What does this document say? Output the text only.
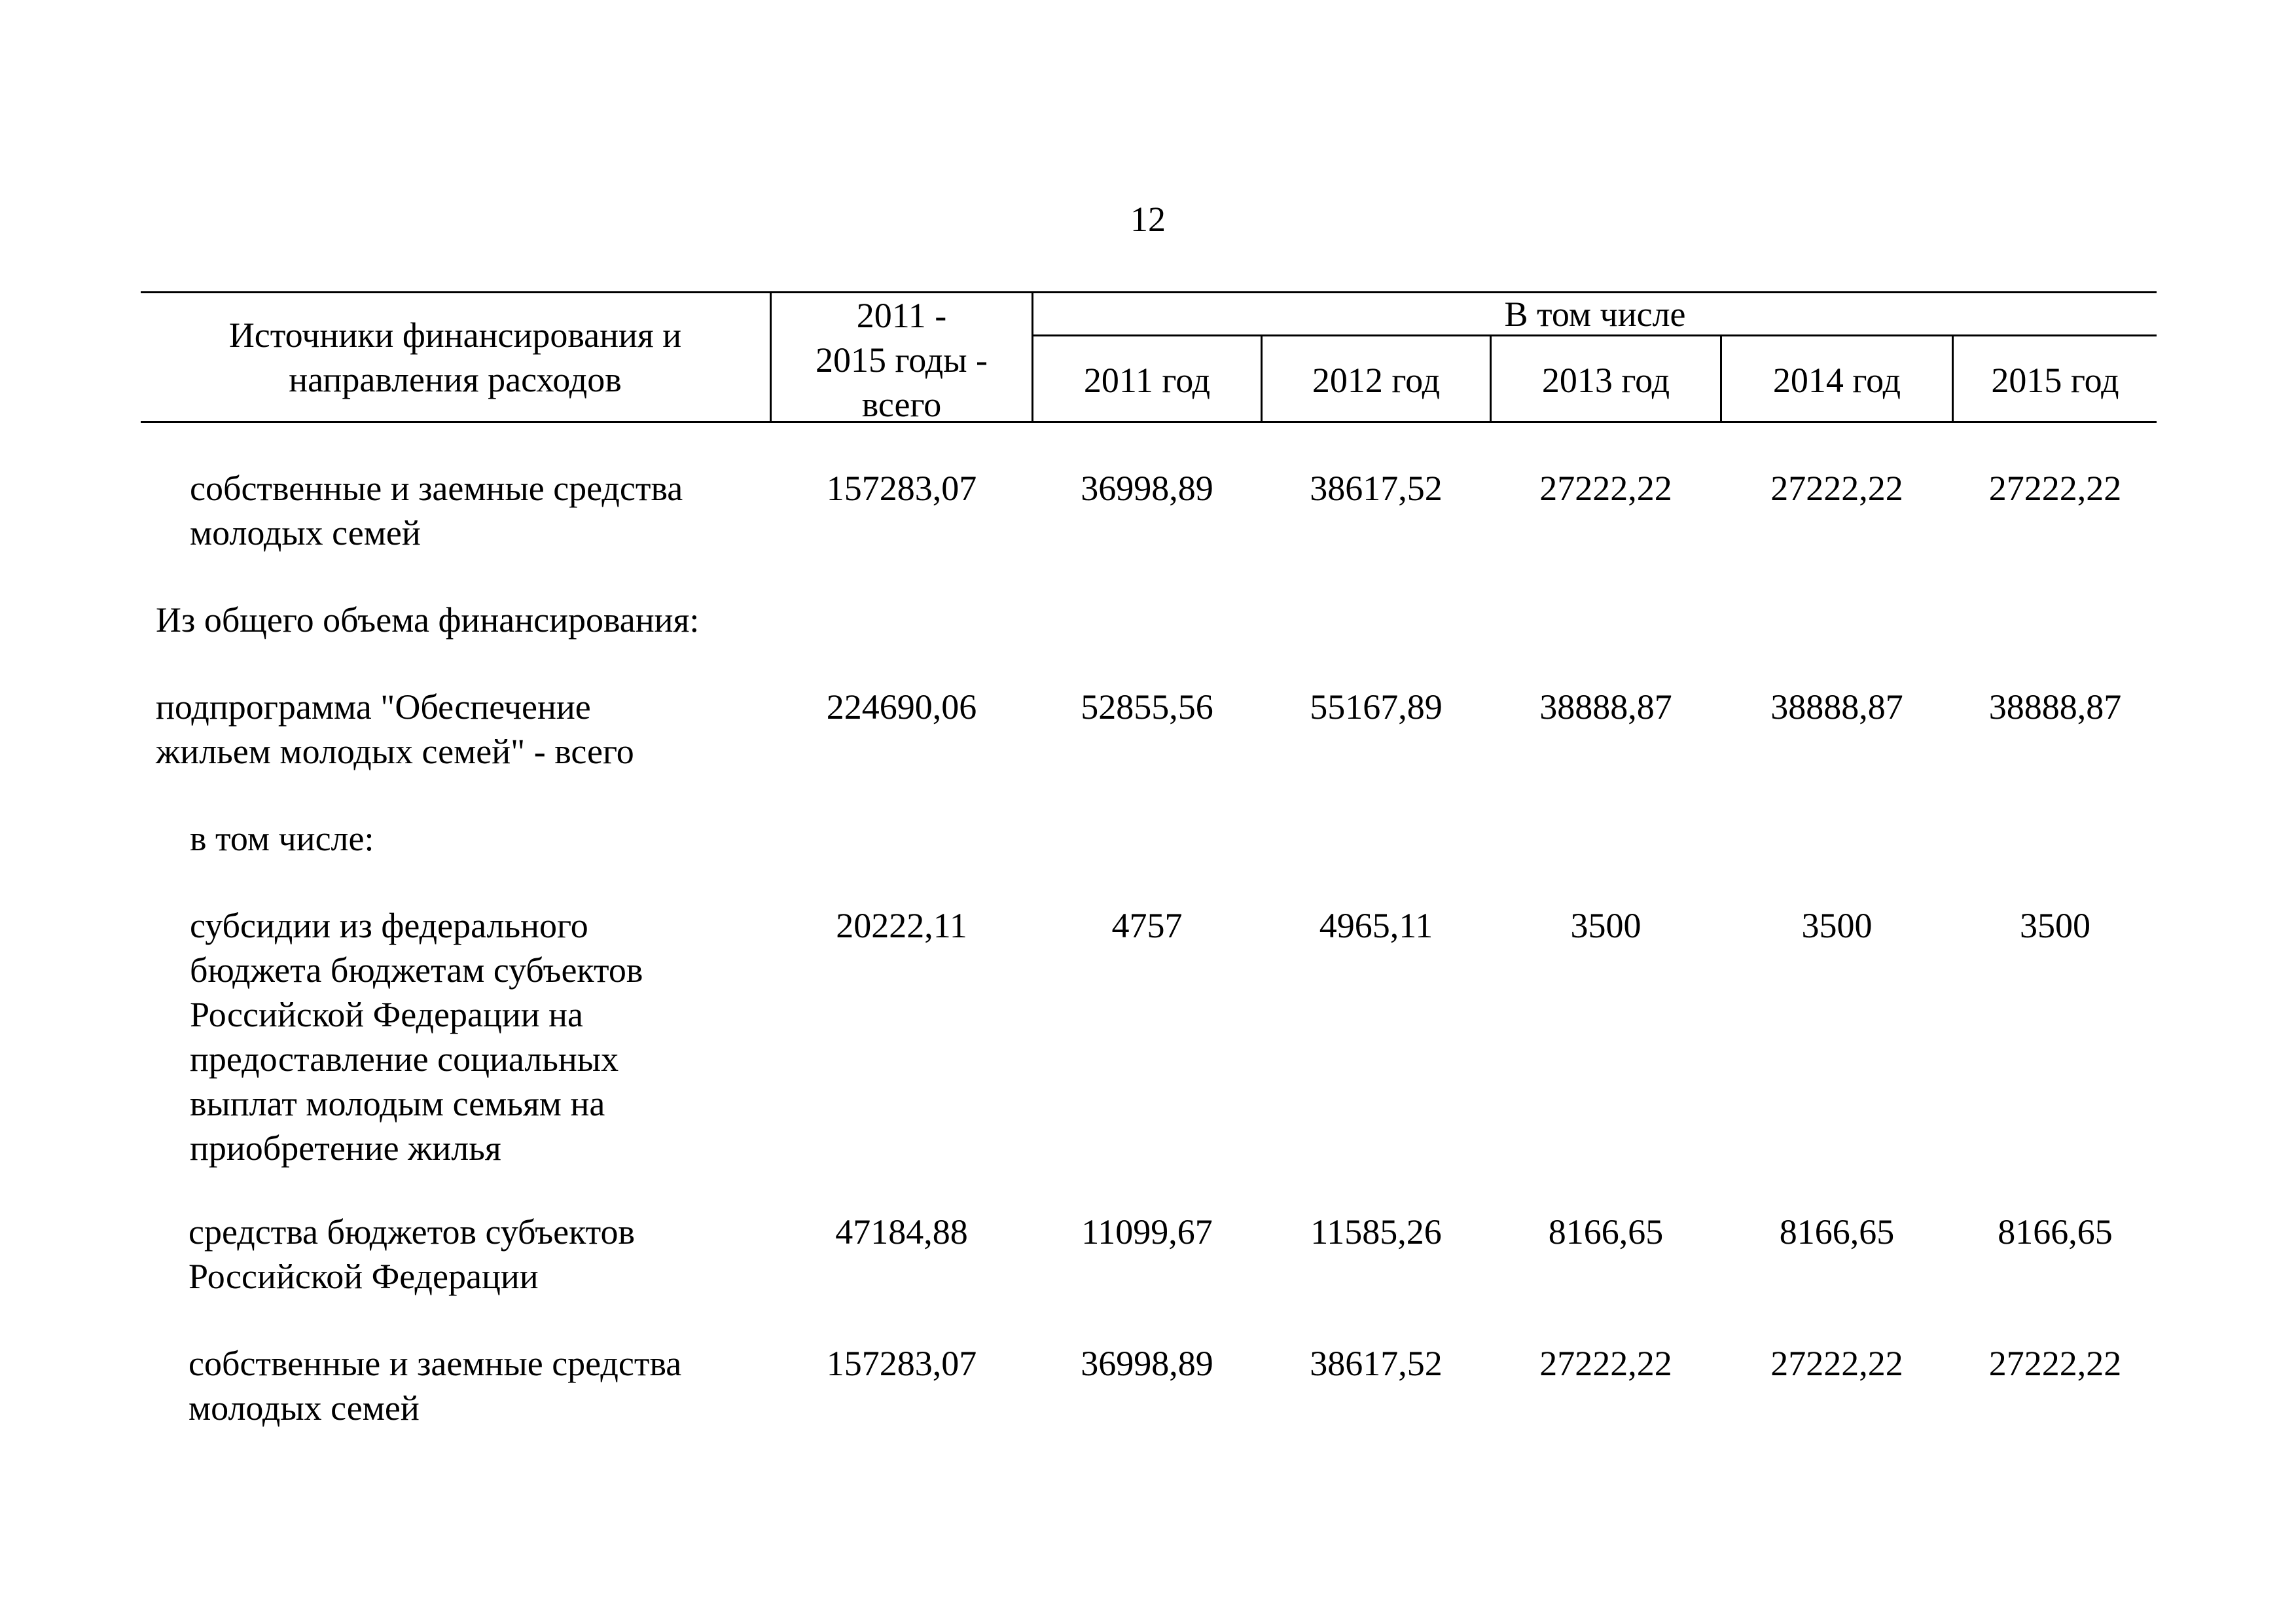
12
Источники финансирования и
направления расходов
2011 -
2015 годы -
всего
В том числе
2011 год	2012 год	2013 год	2014 год	2015 год
собственные и заемные средства
молодых семей
157283,07	36998,89	38617,52	27222,22	27222,22	27222,22
Из общего объема финансирования:
подпрограмма "Обеспечение
жильем молодых семей" - всего
224690,06	52855,56	55167,89	38888,87	38888,87	38888,87
в том числе:
субсидии из федерального
бюджета бюджетам субъектов
Российской Федерации на
предоставление социальных
выплат молодым семьям на
приобретение жилья
20222,11	4757	4965,11	3500	3500	3500
средства бюджетов субъектов
Российской Федерации
47184,88	11099,67	11585,26	8166,65	8166,65	8166,65
собственные и заемные средства
молодых семей
157283,07	36998,89	38617,52	27222,22	27222,22	27222,22
